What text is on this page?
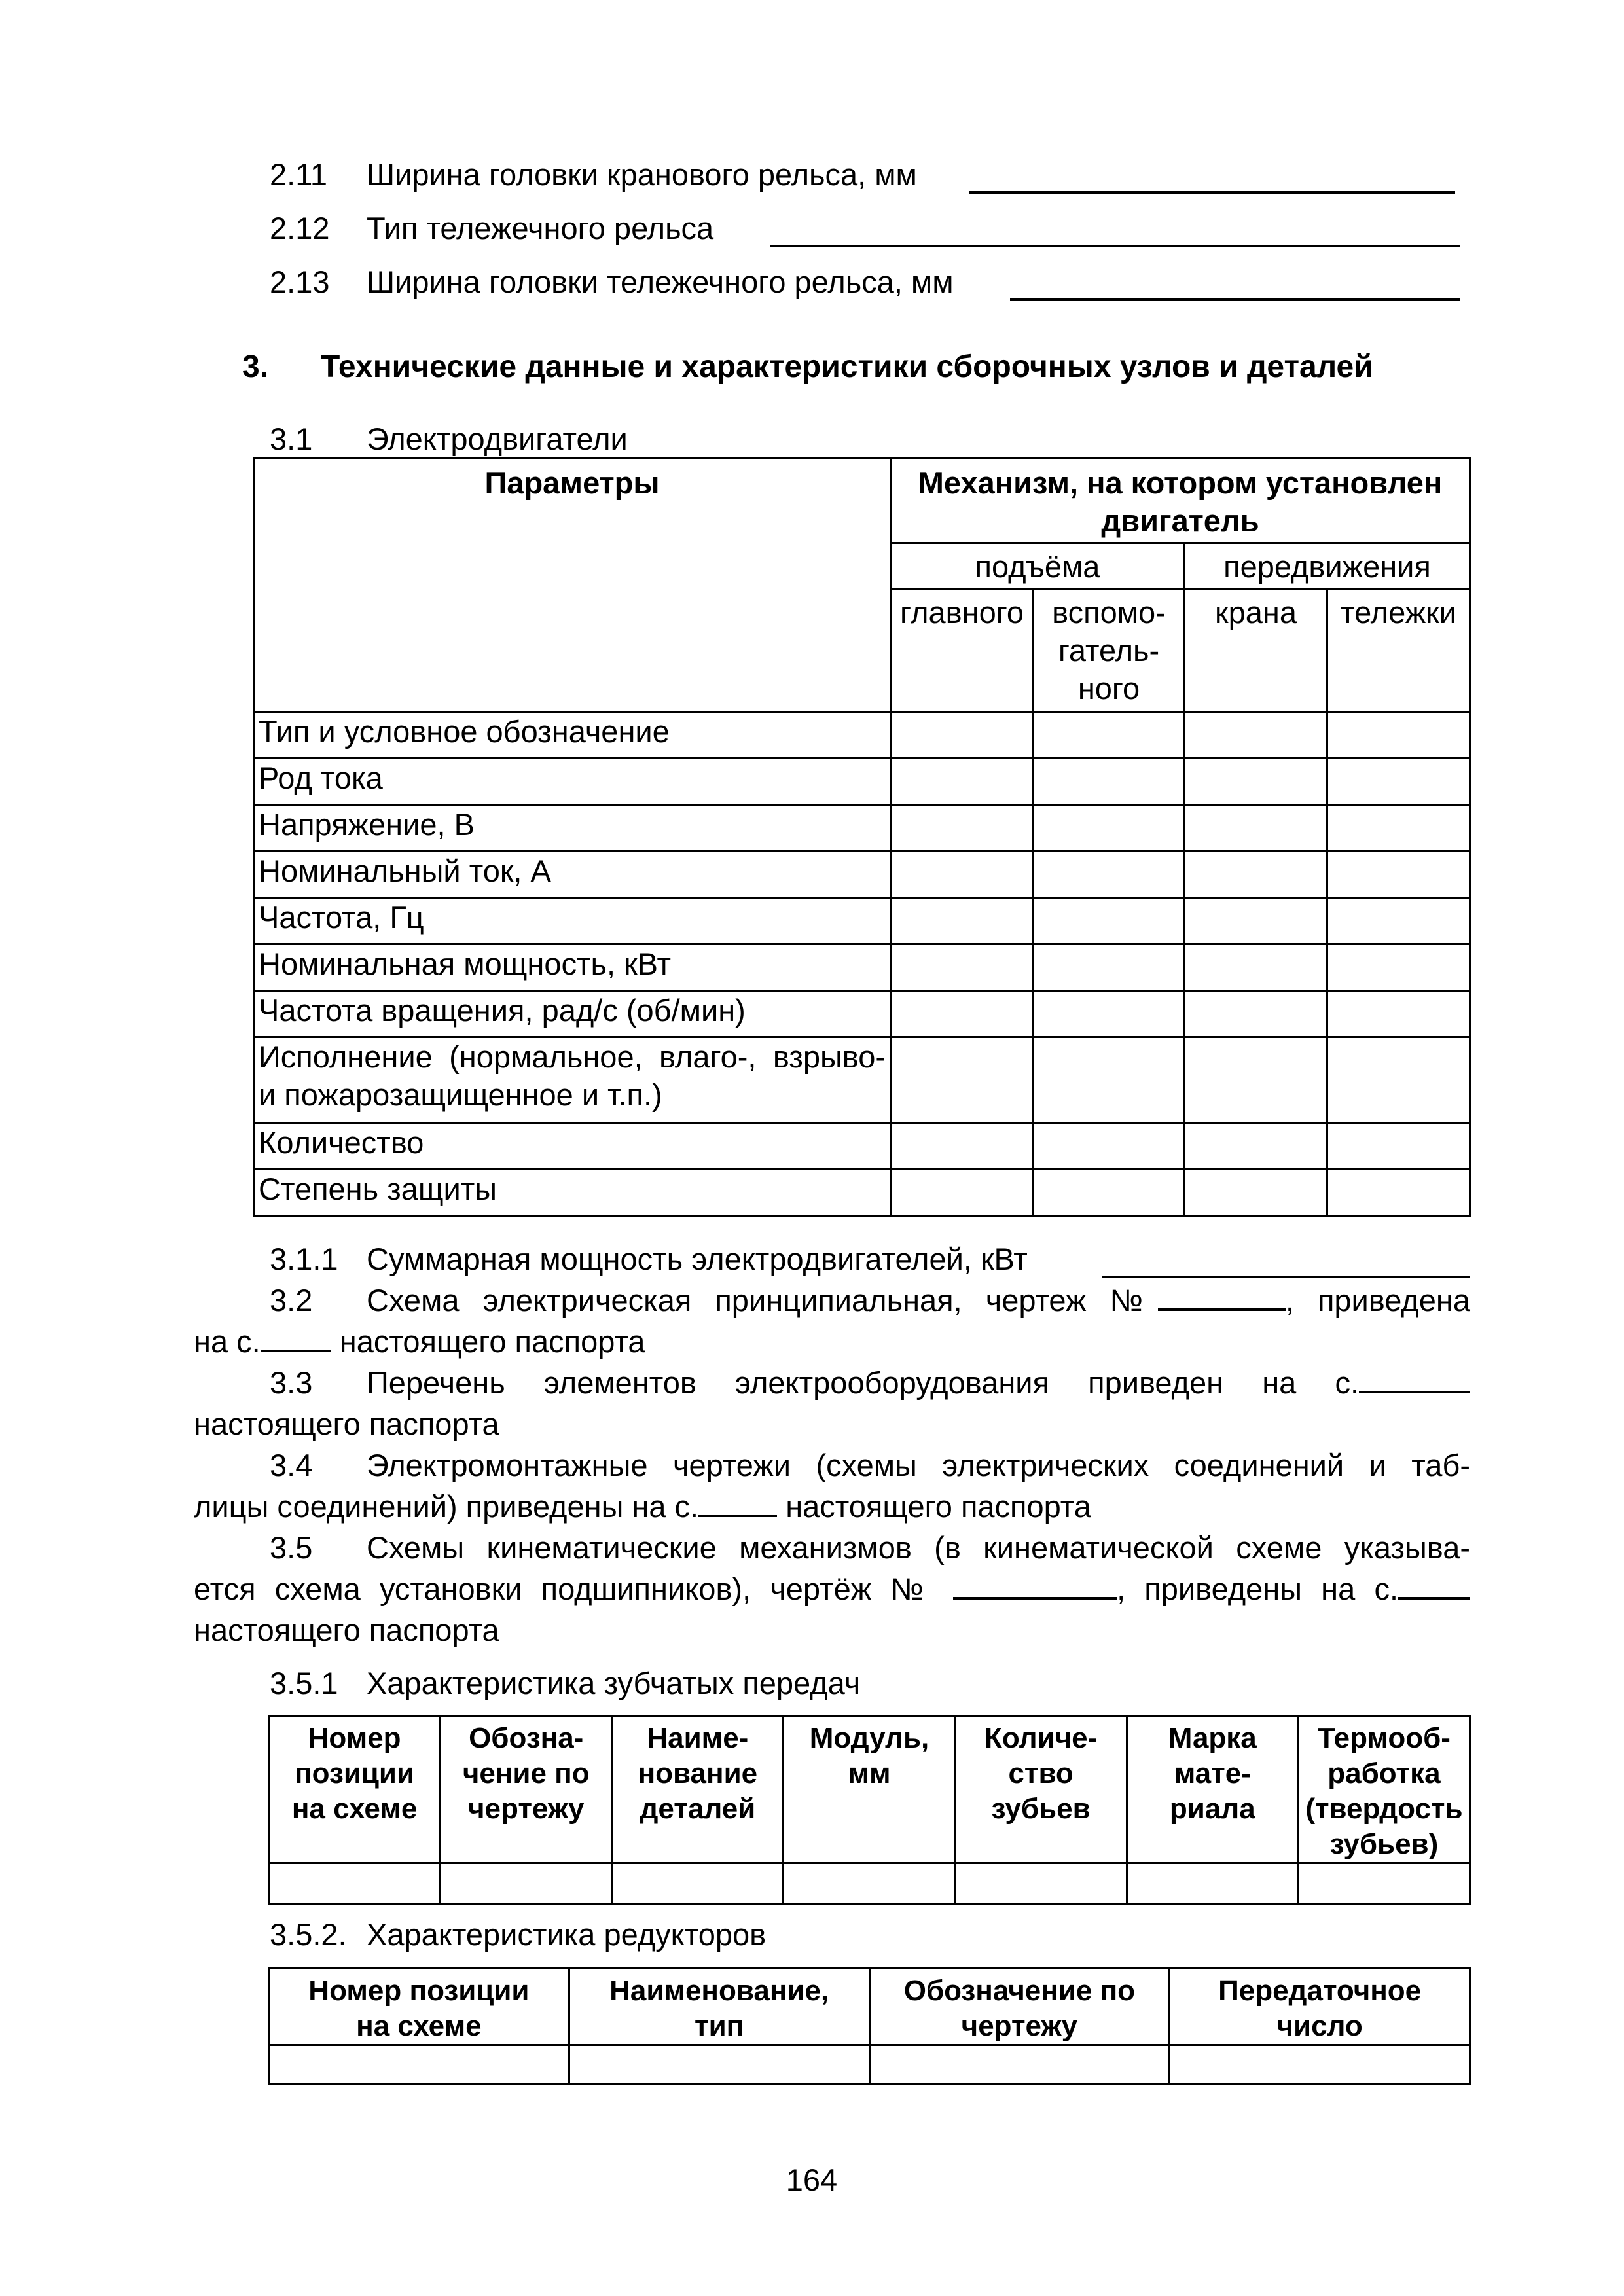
2.11 Ширина головки кранового рельса, мм
2.12 Тип тележечного рельса
2.13 Ширина головки тележечного рельса, мм
3. Технические данные и характеристики сборочных узлов и деталей
3.1 Электродвигатели
Параметры	Механизм, на котором установлен двигатель			
	подъёма		передвижения	
	главного	вспомо-гатель-ного	крана	тележки
Тип и условное обозначение				
Род тока				
Напряжение, В				
Номинальный ток, А				
Частота, Гц				
Номинальная мощность, кВт				
Частота вращения, рад/с (об/мин)				
Исполнение (нормальное, влаго-, взрыво- и пожарозащищенное и т.п.)				
Количество				
Степень защиты				
3.1.1 Суммарная мощность электродвигателей, кВт
3.2 Схема электрическая принципиальная, чертеж №	, приведена
на с.	настоящего паспорта
3.3 Перечень элементов электрооборудования приведен на с.
настоящего паспорта
3.4 Электромонтажные чертежи (схемы электрических соединений и таб-
лицы соединений) приведены на с.	настоящего паспорта
3.5 Схемы кинематические механизмов (в кинематической схеме указыва-
ется схема установки подшипников), чертёж №	, приведены на с.
настоящего паспорта
3.5.1 Характеристика зубчатых передач
Номер позиции на схеме	Обозна-чение по чертежу	Наиме-нование деталей	Модуль, мм	Количе-ство зубьев	Марка мате-риала	Термооб-работка (твердость зубьев)

3.5.2. Характеристика редукторов
Номер позиции на схеме	Наименование, тип	Обозначение по чертежу	Передаточное число

164
